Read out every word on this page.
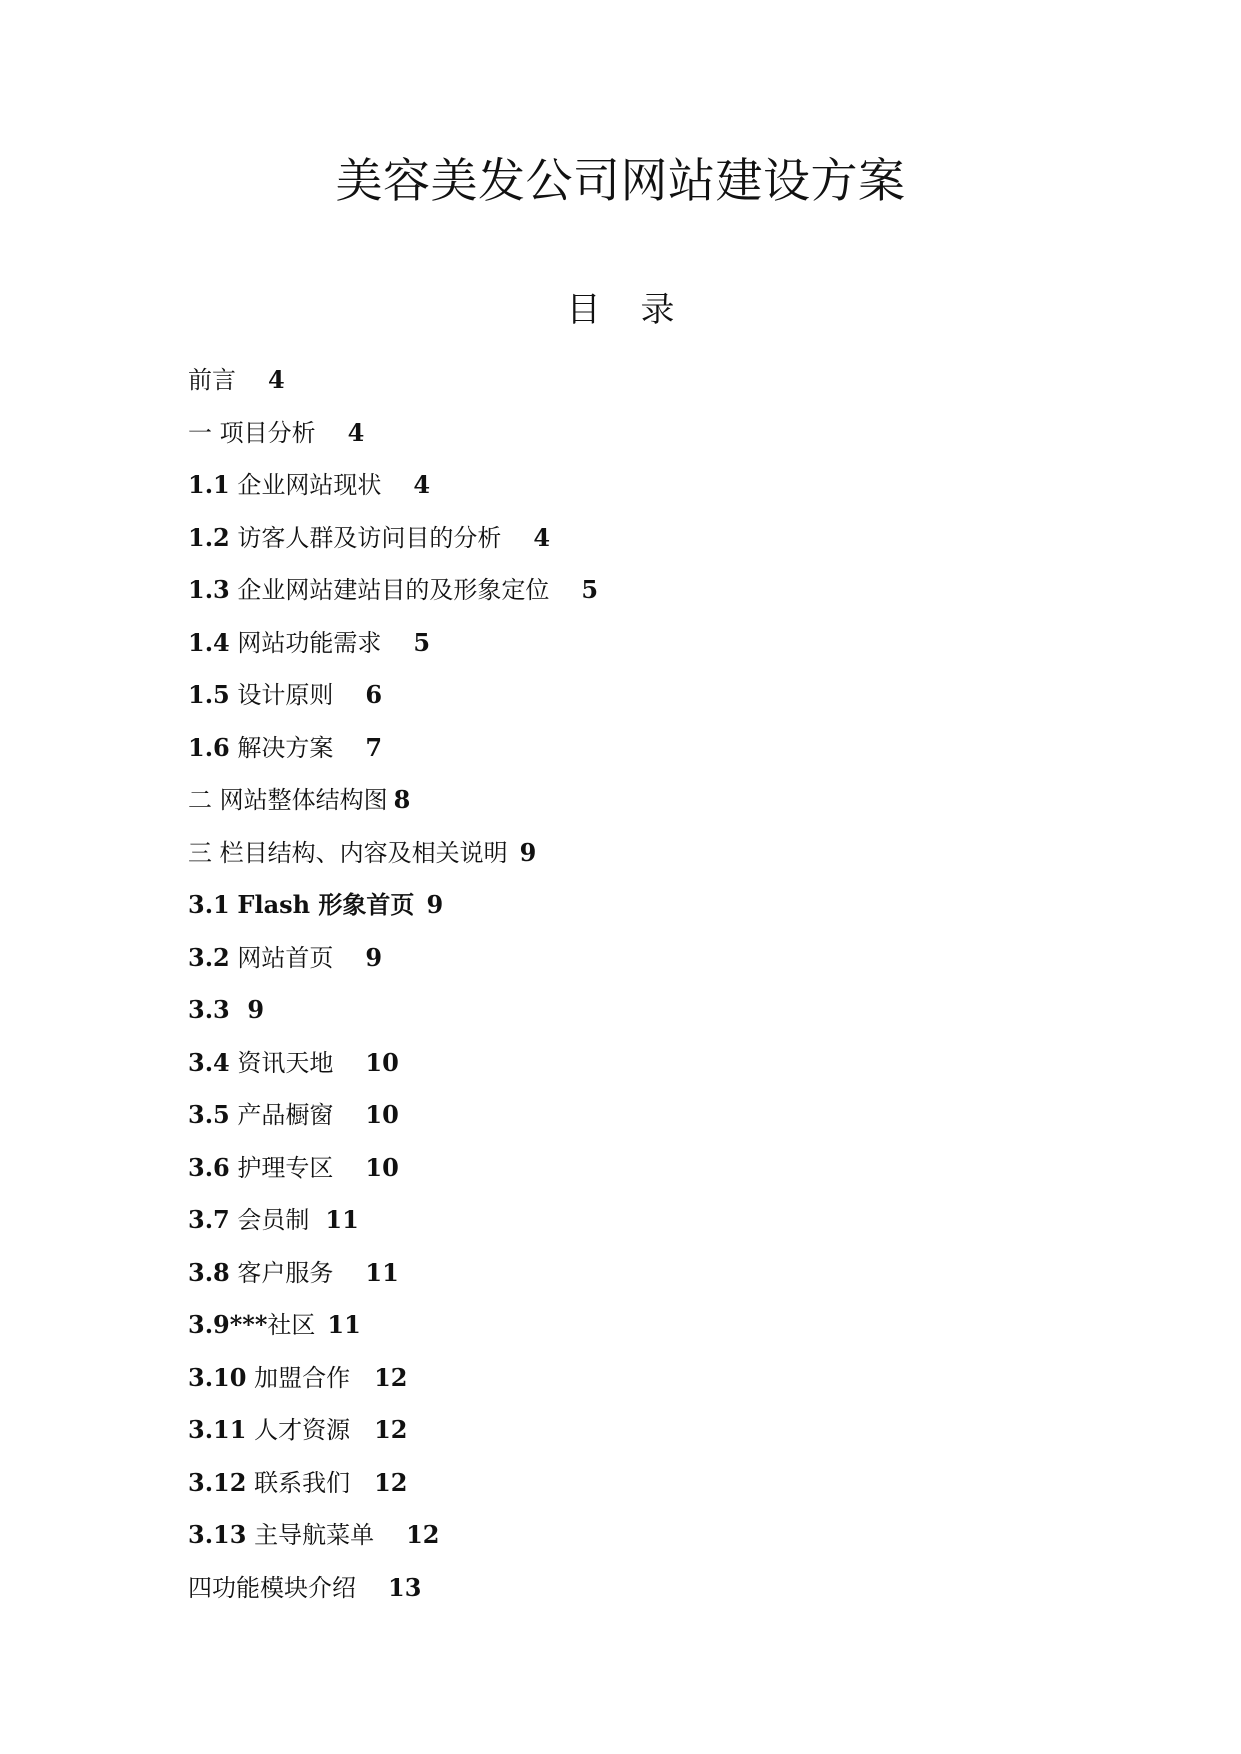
美容美发公司网站建设方案
目 录
前言 4
一 项目分析 4
1.1 企业网站现状 4
1.2 访客人群及访问目的分析 4
1.3 企业网站建站目的及形象定位 5
1.4 网站功能需求 5
1.5 设计原则 6
1.6 解决方案 7
二 网站整体结构图 8
三 栏目结构、内容及相关说明 9
3.1 Flash 形象首页 9
3.2 网站首页 9
3.3 9
3.4 资讯天地 10
3.5 产品橱窗 10
3.6 护理专区 10
3.7 会员制 11
3.8 客户服务 11
3.9***社区 11
3.10 加盟合作 12
3.11 人才资源 12
3.12 联系我们 12
3.13 主导航菜单 12
四功能模块介绍 13
